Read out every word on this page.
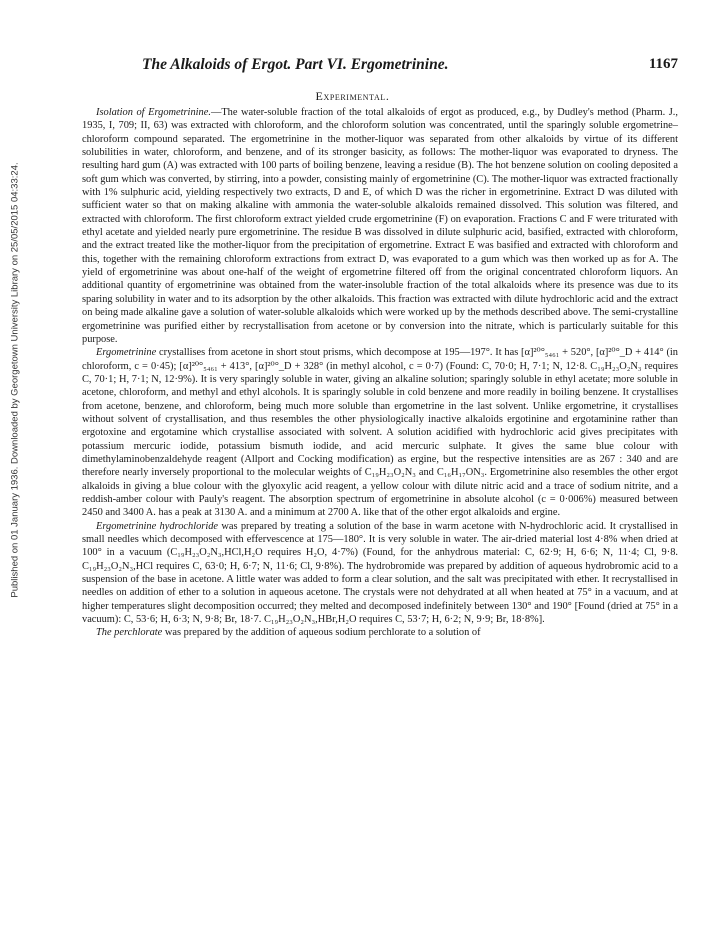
Published on 01 January 1936. Downloaded by Georgetown University Library on 25/05/2015 04:33:24.
The Alkaloids of Ergot. Part VI. Ergometrinine.	1167
Experimental.

Isolation of Ergometrinine.—The water-soluble fraction of the total alkaloids of ergot as produced, e.g., by Dudley's method (Pharm. J., 1935, I, 709; II, 63) was extracted with chloroform, and the chloroform solution was concentrated, until the sparingly soluble ergometrine–chloroform compound separated. The ergometrinine in the mother-liquor was separated from other alkaloids by virtue of its different solubilities in water, chloroform, and benzene, and of its stronger basicity, as follows: The mother-liquor was evaporated to dryness. The resulting hard gum (A) was extracted with 100 parts of boiling benzene, leaving a residue (B). The hot benzene solution on cooling deposited a soft gum which was converted, by stirring, into a powder, consisting mainly of ergometrinine (C). The mother-liquor was extracted fractionally with 1% sulphuric acid, yielding respectively two extracts, D and E, of which D was the richer in ergometrinine. Extract D was diluted with sufficient water so that on making alkaline with ammonia the water-soluble alkaloids remained dissolved. This solution was filtered, and extracted with chloroform. The first chloroform extract yielded crude ergometrinine (F) on evaporation. Fractions C and F were triturated with ethyl acetate and yielded nearly pure ergometrinine. The residue B was dissolved in dilute sulphuric acid, basified, extracted with chloroform, and the extract treated like the mother-liquor from the precipitation of ergometrine. Extract E was basified and extracted with chloroform and this, together with the remaining chloroform extractions from extract D, was evaporated to a gum which was then worked up as for A. The yield of ergometrinine was about one-half of the weight of ergometrine filtered off from the original concentrated chloroform liquors. An additional quantity of ergometrinine was obtained from the water-insoluble fraction of the total alkaloids where its presence was due to its sparing solubility in water and to its adsorption by the other alkaloids. This fraction was extracted with dilute hydrochloric acid and the extract on being made alkaline gave a solution of water-soluble alkaloids which were worked up by the methods described above. The semi-crystalline ergometrinine was purified either by recrystallisation from acetone or by conversion into the nitrate, which is particularly suitable for this purpose.

Ergometrinine crystallises from acetone in short stout prisms, which decompose at 195—197°. It has [α]²⁰°₅₄₆₁ + 520°, [α]²⁰°_D + 414° (in chloroform, c = 0·45); [α]²⁰°₅₄₆₁ + 413°, [α]²⁰°_D + 328° (in methyl alcohol, c = 0·7) (Found: C, 70·0; H, 7·1; N, 12·8. C₁₉H₂₃O₂N₃ requires C, 70·1; H, 7·1; N, 12·9%). It is very sparingly soluble in water, giving an alkaline solution; sparingly soluble in ethyl acetate; more soluble in acetone, chloroform, and methyl and ethyl alcohols. It is sparingly soluble in cold benzene and more readily in boiling benzene. It crystallises from acetone, benzene, and chloroform, being much more soluble than ergometrine in the last solvent. Unlike ergometrine, it crystallises without solvent of crystallisation, and thus resembles the other physiologically inactive alkaloids ergotinine and ergotaminine rather than ergotoxine and ergotamine which crystallise associated with solvent. A solution acidified with hydrochloric acid gives precipitates with potassium mercuric iodide, potassium bismuth iodide, and acid mercuric sulphate. It gives the same blue colour with dimethylaminobenzaldehyde reagent (Allport and Cocking modification) as ergine, but the respective intensities are as 267 : 340 and are therefore nearly inversely proportional to the molecular weights of C₁₉H₂₃O₂N₃ and C₁₆H₁₇ON₃. Ergometrinine also resembles the other ergot alkaloids in giving a blue colour with the glyoxylic acid reagent, a yellow colour with dilute nitric acid and a trace of sodium nitrite, and a reddish-amber colour with Pauly's reagent. The absorption spectrum of ergometrinine in absolute alcohol (c = 0·006%) measured between 2450 and 3400 A. has a peak at 3130 A. and a minimum at 2700 A. like that of the other ergot alkaloids and ergine.

Ergometrinine hydrochloride was prepared by treating a solution of the base in warm acetone with N-hydrochloric acid. It crystallised in small needles which decomposed with effervescence at 175—180°. It is very soluble in water. The air-dried material lost 4·8% when dried at 100° in a vacuum (C₁₉H₂₃O₂N₃,HCl,H₂O requires H₂O, 4·7%) (Found, for the anhydrous material: C, 62·9; H, 6·6; N, 11·4; Cl, 9·8. C₁₉H₂₃O₂N₃,HCl requires C, 63·0; H, 6·7; N, 11·6; Cl, 9·8%). The hydrobromide was prepared by addition of aqueous hydrobromic acid to a suspension of the base in acetone. A little water was added to form a clear solution, and the salt was precipitated with ether. It recrystallised in needles on addition of ether to a solution in aqueous acetone. The crystals were not dehydrated at all when heated at 75° in a vacuum, and at higher temperatures slight decomposition occurred; they melted and decomposed indefinitely between 130° and 190° [Found (dried at 75° in a vacuum): C, 53·6; H, 6·3; N, 9·8; Br, 18·7. C₁₉H₂₃O₂N₃,HBr,H₂O requires C, 53·7; H, 6·2; N, 9·9; Br, 18·8%].

The perchlorate was prepared by the addition of aqueous sodium perchlorate to a solution of
